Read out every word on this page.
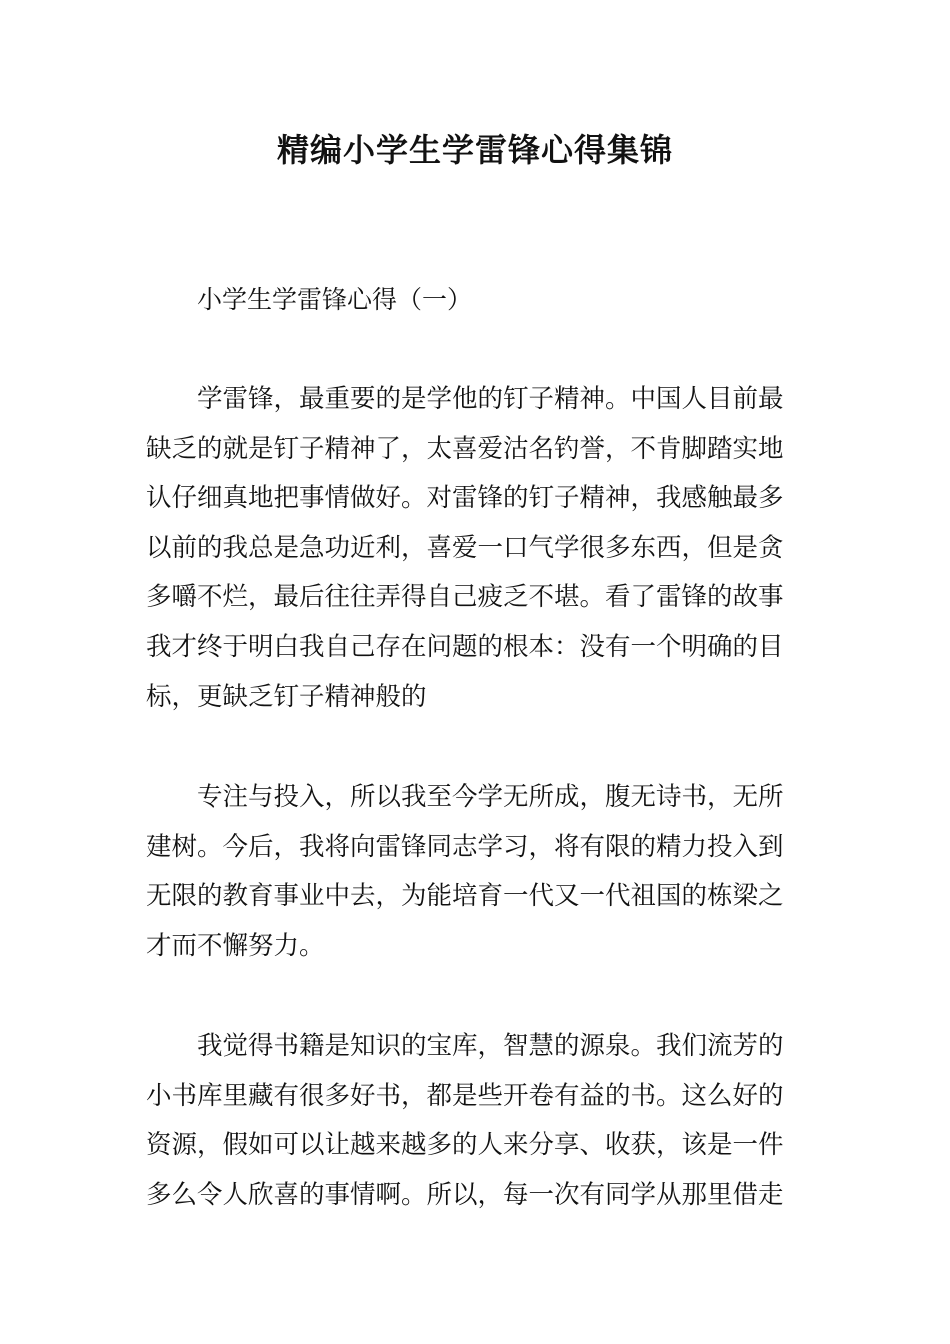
精编小学生学雷锋心得集锦

小学生学雷锋心得（一）

学雷锋，最重要的是学他的钉子精神。中国人目前最
缺乏的就是钉子精神了，太喜爱沽名钓誉，不肯脚踏实地
认仔细真地把事情做好。对雷锋的钉子精神，我感触最多
以前的我总是急功近利，喜爱一口气学很多东西，但是贪
多嚼不烂，最后往往弄得自己疲乏不堪。看了雷锋的故事
我才终于明白我自己存在问题的根本：没有一个明确的目
标，更缺乏钉子精神般的
专注与投入，所以我至今学无所成，腹无诗书，无所
建树。今后，我将向雷锋同志学习，将有限的精力投入到
无限的教育事业中去，为能培育一代又一代祖国的栋梁之
才而不懈努力。
我觉得书籍是知识的宝库，智慧的源泉。我们流芳的
小书库里藏有很多好书，都是些开卷有益的书。这么好的
资源，假如可以让越来越多的人来分享、收获，该是一件
多么令人欣喜的事情啊。所以，每一次有同学从那里借走
